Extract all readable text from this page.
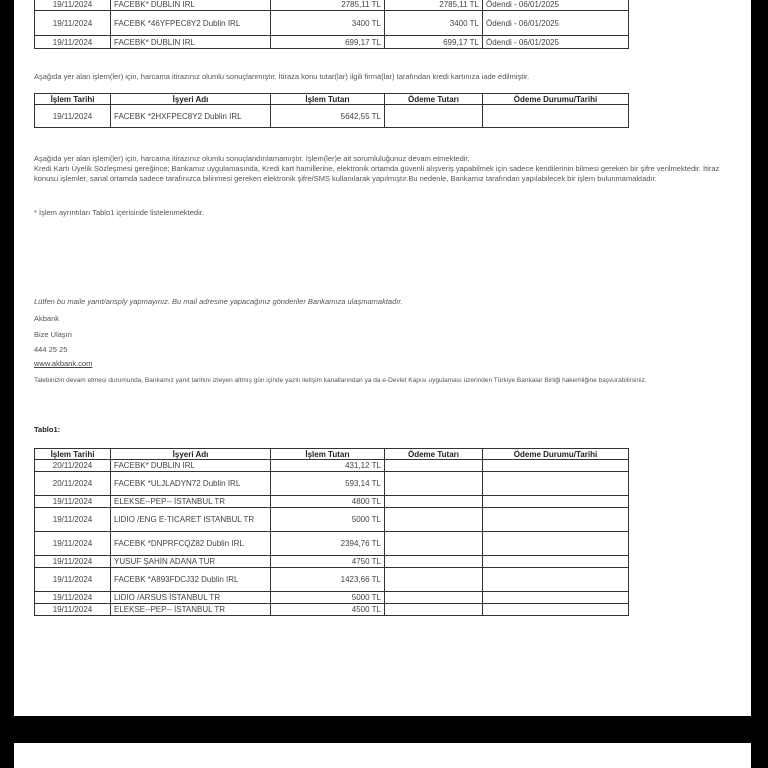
19/11/2024	FACEBK* DUBLIN IRL	2785,11 TL	2785,11 TL	Ödendi - 06/01/2025
19/11/2024	FACEBK *46YFPEC8Y2 Dublin IRL	3400 TL	3400 TL	Ödendi - 06/01/2025
19/11/2024	FACEBK* DUBLIN IRL	699,17 TL	699,17 TL	Ödendi - 06/01/2025
Aşağıda yer alan işlem(ler) için, harcama itirazınız olumlu sonuçlanmıştır. İtiraza konu tutar(lar) ilgili firma(lar) tarafından kredi kartınıza iade edilmiştir.
İşlem Tarihi	İşyeri Adı	İşlem Tutarı	Ödeme Tutarı	Ödeme Durumu/Tarihi
19/11/2024	FACEBK *2HXFPEC8Y2 Dublin IRL	5642,55 TL		
Aşağıda yer alan işlem(ler) için, harcama itirazınız olumlu sonuçlandırılamamıştır. İşlem(ler)e ait sorumluluğunuz devam etmektedir.
Kredi Kartı Üyelik Sözleşmesi gereğince; Bankamız uygulamasında, Kredi kart hamillerine, elektronik ortamda güvenli alışveriş yapabilmek için sadece kendilerinin bilmesi gereken bir şifre verilmektedir. İtiraz konusu işlemler, sanal ortamda sadece tarafınızca bilinmesi gereken elektronik şifre/SMS kullanılarak yapılmıştır.Bu nedenle, Bankamız tarafından yapılabilecek bir işlem bulunmamaktadır.
* İşlem ayrıntıları Tablo1 içerisinde listelenmektedir.
Lütfen bu maile yanıt/ansply yapmayınız. Bu mail adresine yapacağınız gönderiler Bankamıza ulaşmamaktadır.
Akbank
Bize Ulaşın
444 25 25
www.akbank.com
Talebinizin devam etmesi durumunda, Bankamız yanıt tarihini izleyen altmış gün içinde yazılı iletişim kanallarından ya da e-Devlet Kapısı uygulaması üzerinden Türkiye Bankalar Birliği hakemliğine başvurabilirsiniz.
Tablo1:
İşlem Tarihi	İşyeri Adı	İşlem Tutarı	Ödeme Tutarı	Ödeme Durumu/Tarihi
20/11/2024	FACEBK* DUBLIN IRL	431,12 TL		
20/11/2024	FACEBK *ULJLADYN72 Dublin IRL	593,14 TL		
19/11/2024	ELEKSE--PEP-- İSTANBUL TR	4800 TL		
19/11/2024	LIDIO /ENG E-TICARET ISTANBUL TR	5000 TL		
19/11/2024	FACEBK *DNPRFCQZ82 Dublin IRL	2394,76 TL		
19/11/2024	YUSUF ŞAHİN ADANA TUR	4750 TL		
19/11/2024	FACEBK *A893FDCJ32 Dublin IRL	1423,66 TL		
19/11/2024	LIDIO /ARSUS İSTANBUL TR	5000 TL		
19/11/2024	ELEKSE--PEP-- İSTANBUL TR	4500 TL		
